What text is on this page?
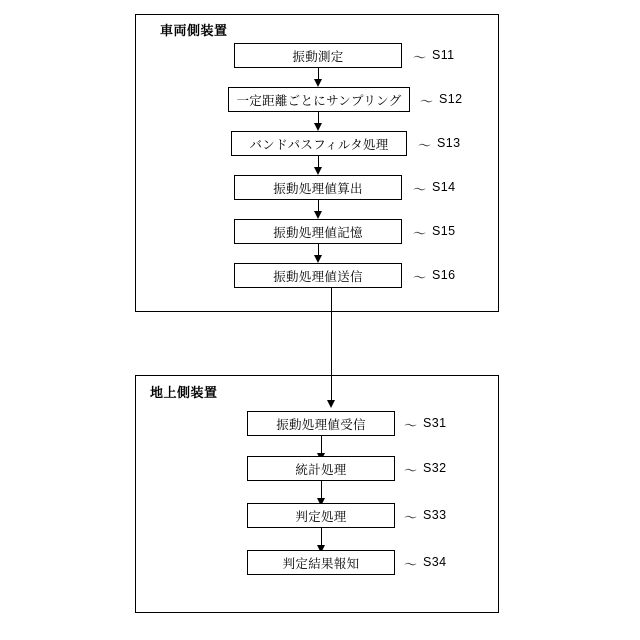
車両側装置
振動測定	〜 S11
一定距離ごとにサンプリング	〜 S12
バンドパスフィルタ処理	〜 S13
振動処理値算出	〜 S14
振動処理値記憶	〜 S15
振動処理値送信	〜 S16
地上側装置
振動処理値受信	〜 S31
統計処理	〜 S32
判定処理	〜 S33
判定結果報知	〜 S34
